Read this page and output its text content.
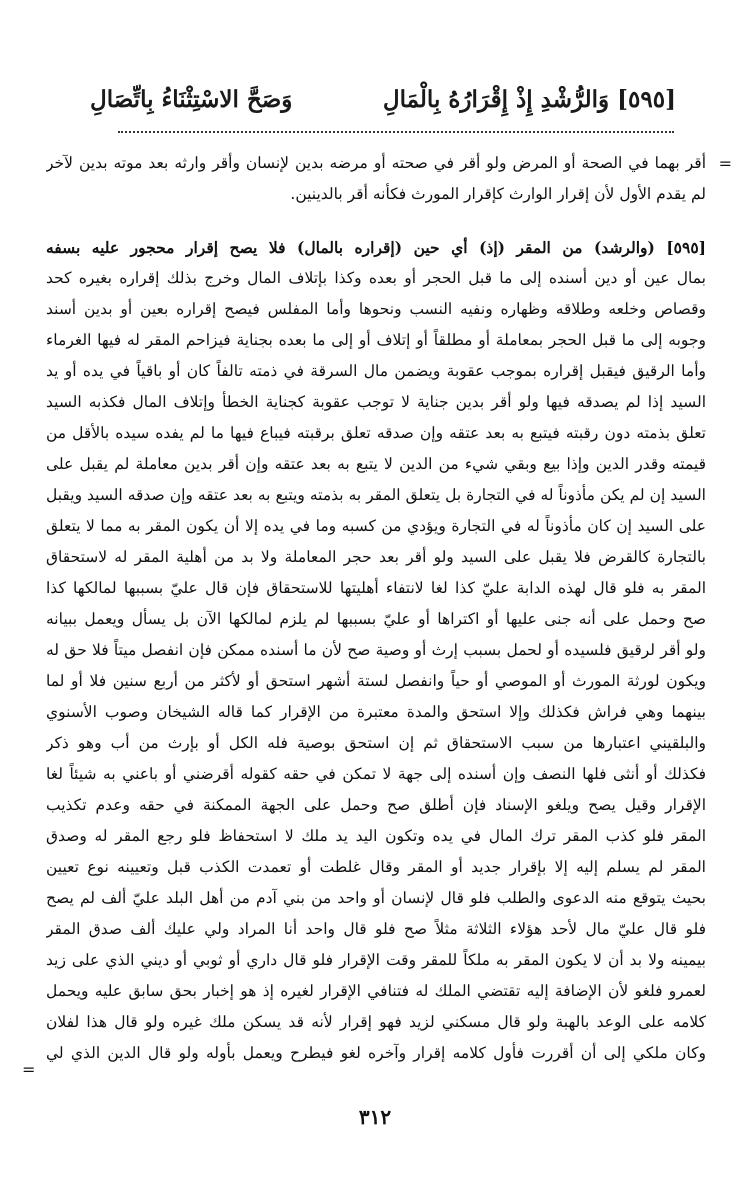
[٥٩٥] وَالرُّشْدِ إِذْ إِقْرَارُهُ بِالْمَالِ
وَصَحَّ الاسْتِثْنَاءُ بِاتِّصَالِ
=
أقر بهما في الصحة أو المرض ولو أقر في صحته أو مرضه بدين لإنسان وأقر وارثه بعد موته بدين لآخر
لم يقدم الأول لأن إقرار الوارث كإقرار المورث فكأنه أقر بالدينين.
[٥٩٥] (والرشد) من المقر (إذ) أي حين (إقراره بالمال) فلا يصح إقرار محجور عليه بسفه
بمال عين أو دين أسنده إلى ما قبل الحجر أو بعده وكذا بإتلاف المال وخرج بذلك إقراره بغيره كحد
وقصاص وخلعه وطلاقه وظهاره ونفيه النسب ونحوها وأما المفلس فيصح إقراره بعين أو بدين أسند
وجوبه إلى ما قبل الحجر بمعاملة أو مطلقاً أو إتلاف أو إلى ما بعده بجناية فيزاحم المقر له فيها الغرماء
وأما الرقيق فيقبل إقراره بموجب عقوبة ويضمن مال السرقة في ذمته تالفاً كان أو باقياً في يده أو يد
السيد إذا لم يصدقه فيها ولو أقر بدين جناية لا توجب عقوبة كجناية الخطأ وإتلاف المال فكذبه السيد
تعلق بذمته دون رقبته فيتبع به بعد عتقه وإن صدقه تعلق برقبته فيباع فيها ما لم يفده سيده بالأقل من
قيمته وقدر الدين وإذا بيع وبقي شيء من الدين لا يتبع به بعد عتقه وإن أقر بدين معاملة لم يقبل على
السيد إن لم يكن مأذوناً له في التجارة بل يتعلق المقر به بذمته ويتبع به بعد عتقه وإن صدقه السيد ويقبل
على السيد إن كان مأذوناً له في التجارة ويؤدي من كسبه وما في يده إلا أن يكون المقر به مما لا يتعلق
بالتجارة كالقرض فلا يقبل على السيد ولو أقر بعد حجر المعاملة ولا بد من أهلية المقر له لاستحقاق
المقر به فلو قال لهذه الدابة عليّ كذا لغا لانتفاء أهليتها للاستحقاق فإن قال عليّ بسببها لمالكها كذا
صح وحمل على أنه جنى عليها أو اكتراها أو عليّ بسببها لم يلزم لمالكها الآن بل يسأل ويعمل ببيانه
ولو أقر لرقيق فلسيده أو لحمل بسبب إرث أو وصية صح لأن ما أسنده ممكن فإن انفصل ميتاً فلا حق له
ويكون لورثة المورث أو الموصي أو حياً وانفصل لستة أشهر استحق أو لأكثر من أربع سنين فلا أو لما
بينهما وهي فراش فكذلك وإلا استحق والمدة معتبرة من الإقرار كما قاله الشيخان وصوب الأسنوي
والبلقيني اعتبارها من سبب الاستحقاق ثم إن استحق بوصية فله الكل أو بإرث من أب وهو ذكر
فكذلك أو أنثى فلها النصف وإن أسنده إلى جهة لا تمكن في حقه كقوله أقرضني أو باعني به شيئاً لغا
الإقرار وقيل يصح ويلغو الإسناد فإن أطلق صح وحمل على الجهة الممكنة في حقه وعدم تكذيب
المقر فلو كذب المقر ترك المال في يده وتكون اليد يد ملك لا استحفاظ فلو رجع المقر له وصدق
المقر لم يسلم إليه إلا بإقرار جديد أو المقر وقال غلطت أو تعمدت الكذب قبل وتعيينه نوع تعيين
بحيث يتوقع منه الدعوى والطلب فلو قال لإنسان أو واحد من بني آدم من أهل البلد عليّ ألف لم يصح
فلو قال عليّ مال لأحد هؤلاء الثلاثة مثلاً صح فلو قال واحد أنا المراد ولي عليك ألف صدق المقر
بيمينه ولا بد أن لا يكون المقر به ملكاً للمقر وقت الإقرار فلو قال داري أو ثوبي أو ديني الذي على زيد
لعمرو فلغو لأن الإضافة إليه تقتضي الملك له فتنافي الإقرار لغيره إذ هو إخبار بحق سابق عليه ويحمل
كلامه على الوعد بالهبة ولو قال مسكني لزيد فهو إقرار لأنه قد يسكن ملك غيره ولو قال هذا لفلان
وكان ملكي إلى أن أقررت فأول كلامه إقرار وآخره لغو فيطرح ويعمل بأوله ولو قال الدين الذي لي
=
٣١٢
